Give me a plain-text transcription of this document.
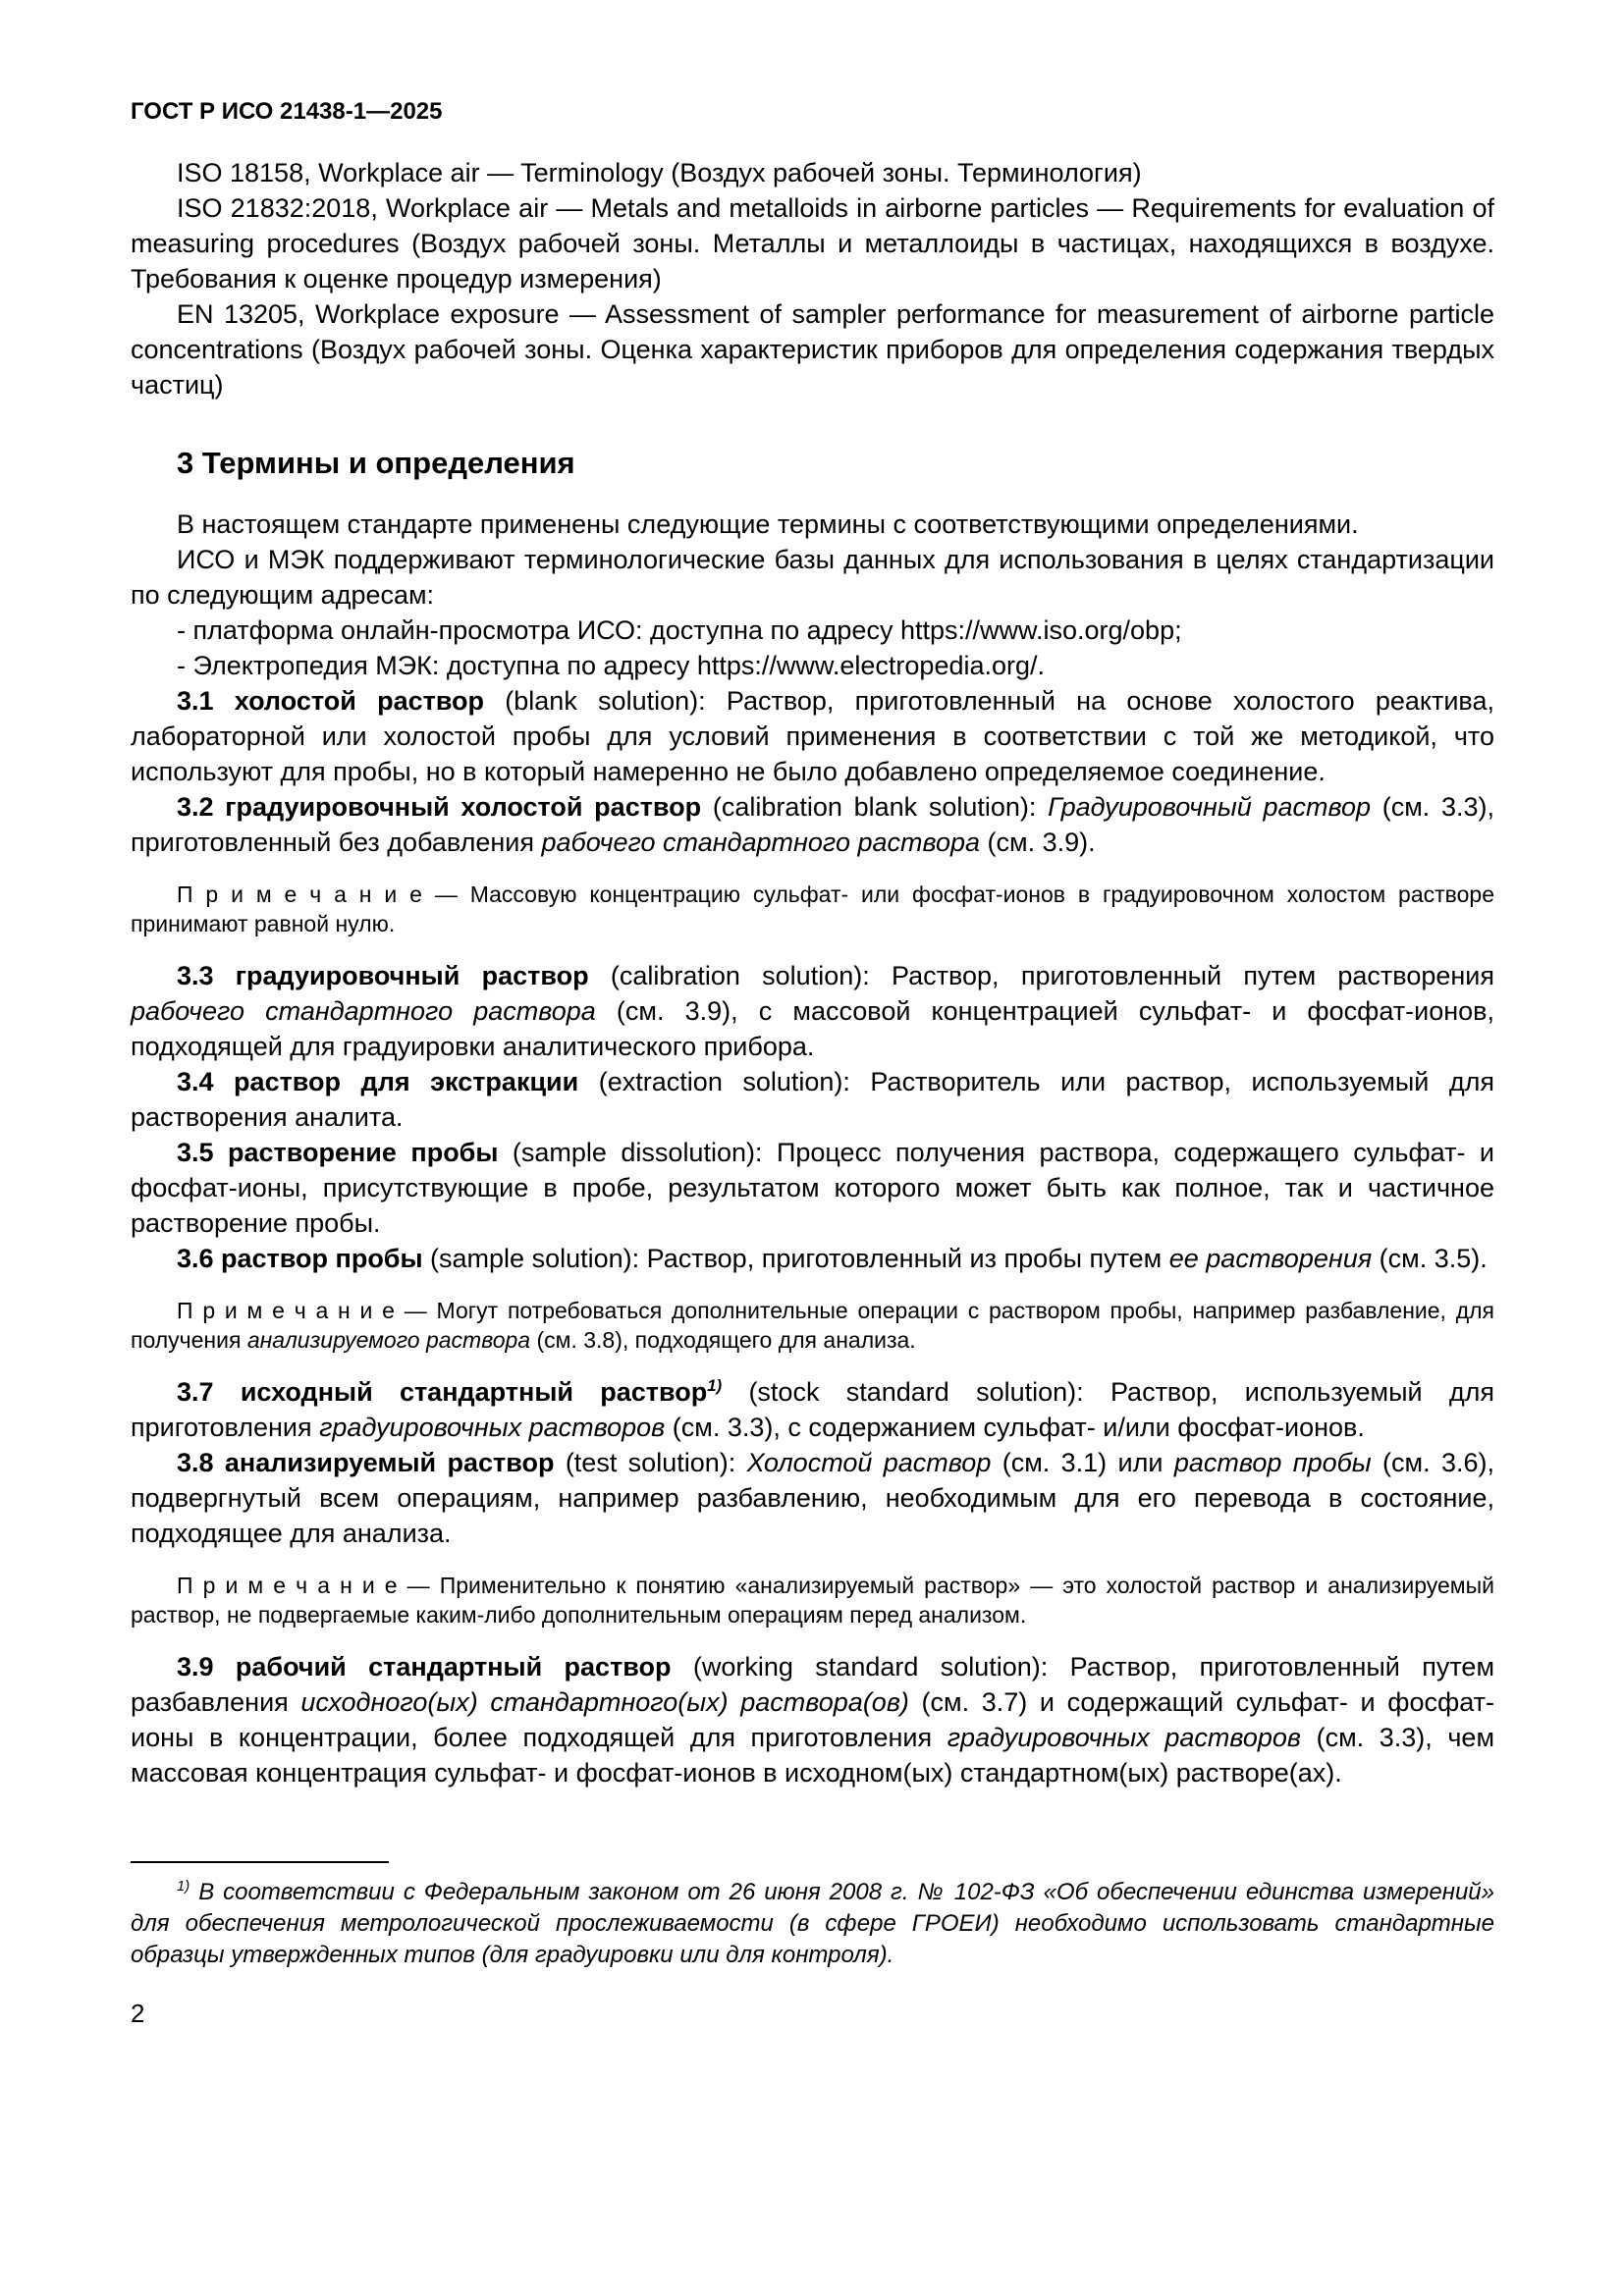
ГОСТ Р ИСО 21438-1—2025

ISO 18158, Workplace air — Terminology (Воздух рабочей зоны. Терминология)

ISO 21832:2018, Workplace air — Metals and metalloids in airborne particles — Requirements for evaluation of measuring procedures (Воздух рабочей зоны. Металлы и металлоиды в частицах, находящихся в воздухе. Требования к оценке процедур измерения)

EN 13205, Workplace exposure — Assessment of sampler performance for measurement of airborne particle concentrations (Воздух рабочей зоны. Оценка характеристик приборов для определения содержания твердых частиц)

3 Термины и определения

В настоящем стандарте применены следующие термины с соответствующими определениями.

ИСО и МЭК поддерживают терминологические базы данных для использования в целях стандартизации по следующим адресам:

- платформа онлайн-просмотра ИСО: доступна по адресу https://www.iso.org/obp;

- Электропедия МЭК: доступна по адресу https://www.electropedia.org/.

3.1 холостой раствор (blank solution): Раствор, приготовленный на основе холостого реактива, лабораторной или холостой пробы для условий применения в соответствии с той же методикой, что используют для пробы, но в который намеренно не было добавлено определяемое соединение.

3.2 градуировочный холостой раствор (calibration blank solution): Градуировочный раствор (см. 3.3), приготовленный без добавления рабочего стандартного раствора (см. 3.9).

П р и м е ч а н и е — Массовую концентрацию сульфат- или фосфат-ионов в градуировочном холостом растворе принимают равной нулю.

3.3 градуировочный раствор (calibration solution): Раствор, приготовленный путем растворения рабочего стандартного раствора (см. 3.9), с массовой концентрацией сульфат- и фосфат-ионов, подходящей для градуировки аналитического прибора.

3.4 раствор для экстракции (extraction solution): Растворитель или раствор, используемый для растворения аналита.

3.5 растворение пробы (sample dissolution): Процесс получения раствора, содержащего сульфат- и фосфат-ионы, присутствующие в пробе, результатом которого может быть как полное, так и частичное растворение пробы.

3.6 раствор пробы (sample solution): Раствор, приготовленный из пробы путем ее растворения (см. 3.5).

П р и м е ч а н и е — Могут потребоваться дополнительные операции с раствором пробы, например разбавление, для получения анализируемого раствора (см. 3.8), подходящего для анализа.

3.7 исходный стандартный раствор$^{1)}$ (stock standard solution): Раствор, используемый для приготовления градуировочных растворов (см. 3.3), с содержанием сульфат- и/или фосфат-ионов.

3.8 анализируемый раствор (test solution): Холостой раствор (см. 3.1) или раствор пробы (см. 3.6), подвергнутый всем операциям, например разбавлению, необходимым для его перевода в состояние, подходящее для анализа.

П р и м е ч а н и е — Применительно к понятию «анализируемый раствор» — это холостой раствор и анализируемый раствор, не подвергаемые каким-либо дополнительным операциям перед анализом.

3.9 рабочий стандартный раствор (working standard solution): Раствор, приготовленный путем разбавления исходного(ых) стандартного(ых) раствора(ов) (см. 3.7) и содержащий сульфат- и фосфат-ионы в концентрации, более подходящей для приготовления градуировочных растворов (см. 3.3), чем массовая концентрация сульфат- и фосфат-ионов в исходном(ых) стандартном(ых) растворе(ах).

$^{1)}$ В соответствии с Федеральным законом от 26 июня 2008 г. № 102-ФЗ «Об обеспечении единства измерений» для обеспечения метрологической прослеживаемости (в сфере ГРОЕИ) необходимо использовать стандартные образцы утвержденных типов (для градуировки или для контроля).

2
